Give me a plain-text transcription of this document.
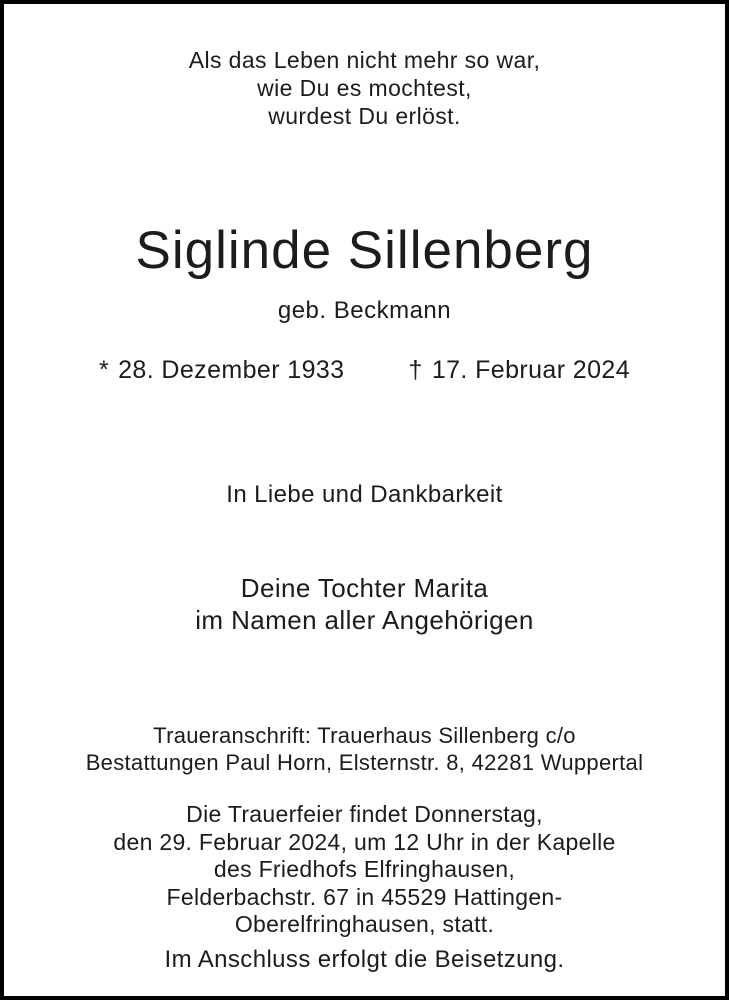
Als das Leben nicht mehr so war,
wie Du es mochtest,
wurdest Du erlöst.
Siglinde Sillenberg
geb. Beckmann
* 28. Dezember 1933	† 17. Februar 2024
In Liebe und Dankbarkeit
Deine Tochter Marita
im Namen aller Angehörigen
Traueranschrift: Trauerhaus Sillenberg c/o
Bestattungen Paul Horn, Elsternstr. 8, 42281 Wuppertal
Die Trauerfeier findet Donnerstag,
den 29. Februar 2024, um 12 Uhr in der Kapelle
des Friedhofs Elfringhausen,
Felderbachstr. 67 in 45529 Hattingen-
Oberelfringhausen, statt.
Im Anschluss erfolgt die Beisetzung.
